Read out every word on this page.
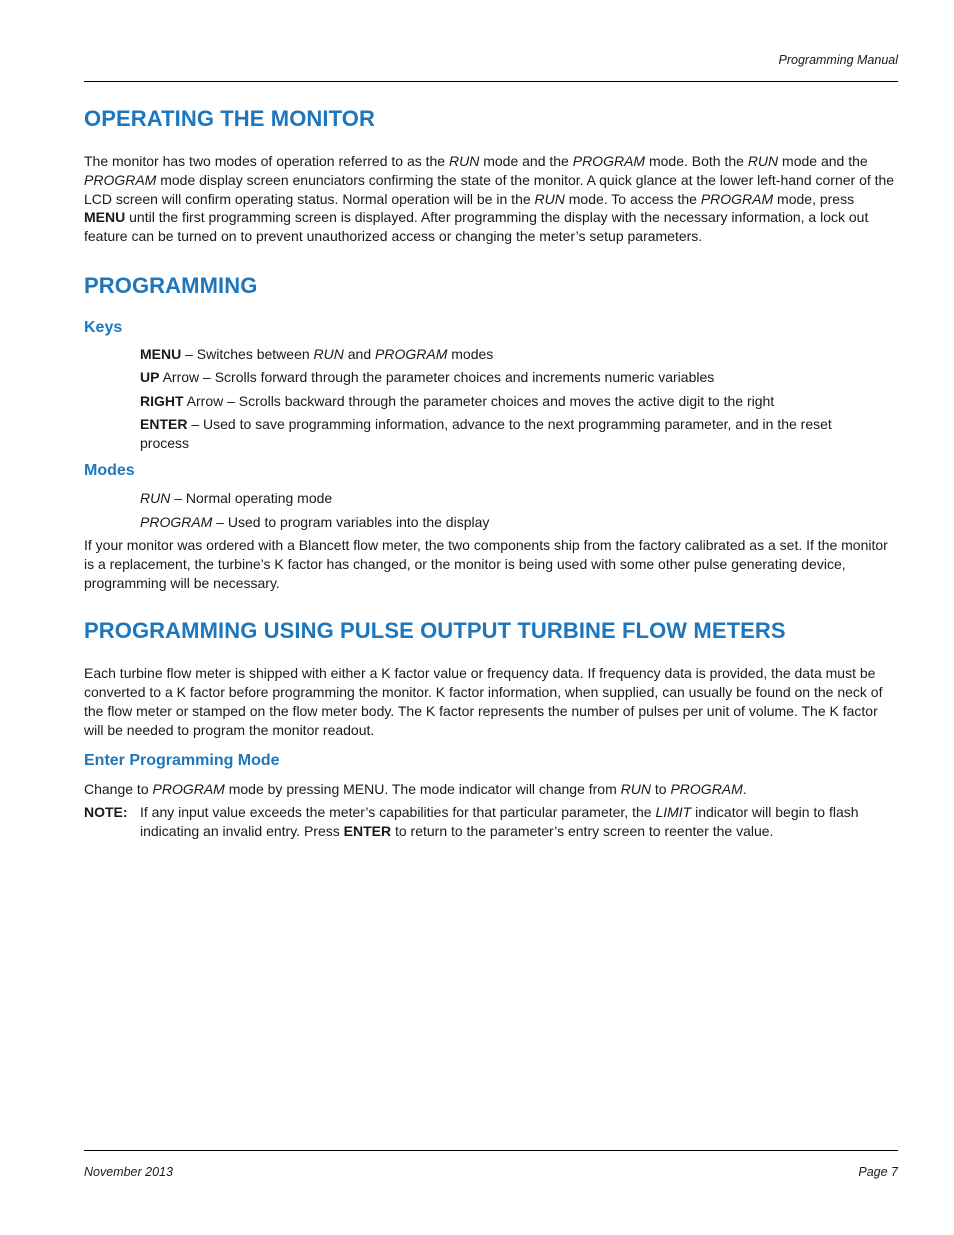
Programming Manual
OPERATING THE MONITOR

The monitor has two modes of operation referred to as the RUN mode and the PROGRAM mode. Both the RUN mode and the PROGRAM mode display screen enunciators confirming the state of the monitor. A quick glance at the lower left-hand corner of the LCD screen will confirm operating status. Normal operation will be in the RUN mode. To access the PROGRAM mode, press MENU until the first programming screen is displayed. After programming the display with the necessary information, a lock out feature can be turned on to prevent unauthorized access or changing the meter’s setup parameters.

PROGRAMMING
Keys

MENU – Switches between RUN and PROGRAM modes

UP Arrow – Scrolls forward through the parameter choices and increments numeric variables

RIGHT Arrow – Scrolls backward through the parameter choices and moves the active digit to the right

ENTER – Used to save programming information, advance to the next programming parameter, and in the reset process

Modes

RUN – Normal operating mode

PROGRAM – Used to program variables into the display

If your monitor was ordered with a Blancett flow meter, the two components ship from the factory calibrated as a set. If the monitor is a replacement, the turbine’s K factor has changed, or the monitor is being used with some other pulse generating device, programming will be necessary.

PROGRAMMING USING PULSE OUTPUT TURBINE FLOW METERS

Each turbine flow meter is shipped with either a K factor value or frequency data. If frequency data is provided, the data must be converted to a K factor before programming the monitor. K factor information, when supplied, can usually be found on the neck of the flow meter or stamped on the flow meter body. The K factor represents the number of pulses per unit of volume. The K factor will be needed to program the monitor readout.

Enter Programming Mode

Change to PROGRAM mode by pressing MENU. The mode indicator will change from RUN to PROGRAM.

NOTE: If any input value exceeds the meter’s capabilities for that particular parameter, the LIMIT indicator will begin to flash indicating an invalid entry. Press ENTER to return to the parameter’s entry screen to reenter the value.
November 2013	Page 7
